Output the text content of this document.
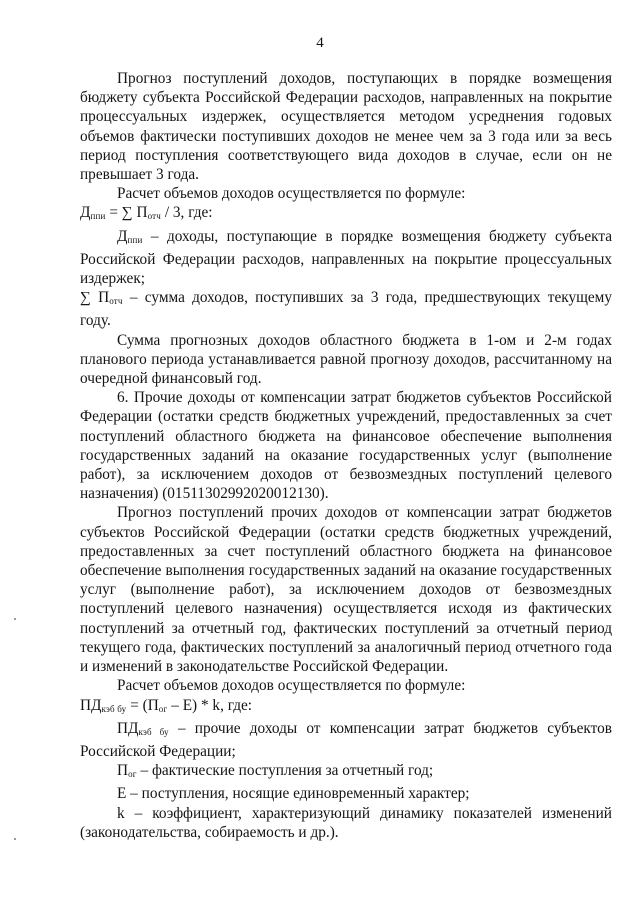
4

Прогноз поступлений доходов, поступающих в порядке возмещения бюджету субъекта Российской Федерации расходов, направленных на покрытие процессуальных издержек, осуществляется методом усреднения годовых объемов фактически поступивших доходов не менее чем за 3 года или за весь период поступления соответствующего вида доходов в случае, если он не превышает 3 года.

Расчет объемов доходов осуществляется по формуле:

$Д_{ппи}$ = ∑ $П_{отч} / 3$, где:

$Д_{ппи}$ – доходы, поступающие в порядке возмещения бюджету субъекта Российской Федерации расходов, направленных на покрытие процессуальных издержек;

∑ $П_{отч}$ – сумма доходов, поступивших за 3 года, предшествующих текущему году.

Сумма прогнозных доходов областного бюджета в 1-ом и 2-м годах планового периода устанавливается равной прогнозу доходов, рассчитанному на очередной финансовый год.

6. Прочие доходы от компенсации затрат бюджетов субъектов Российской Федерации (остатки средств бюджетных учреждений, предоставленных за счет поступлений областного бюджета на финансовое обеспечение выполнения государственных заданий на оказание государственных услуг (выполнение работ), за исключением доходов от безвозмездных поступлений целевого назначения) (01511302992020012130).

Прогноз поступлений прочих доходов от компенсации затрат бюджетов субъектов Российской Федерации (остатки средств бюджетных учреждений, предоставленных за счет поступлений областного бюджета на финансовое обеспечение выполнения государственных заданий на оказание государственных услуг (выполнение работ), за исключением доходов от безвозмездных поступлений целевого назначения) осуществляется исходя из фактических поступлений за отчетный год, фактических поступлений за отчетный период текущего года, фактических поступлений за аналогичный период отчетного года и изменений в законодательстве Российской Федерации.

Расчет объемов доходов осуществляется по формуле:

$ПД_{кэб бу} = (П_{ог} - Е) * k$, где:

$ПД_{кэб бу}$ – прочие доходы от компенсации затрат бюджетов субъектов Российской Федерации;

$П_{ог}$ – фактические поступления за отчетный год;

Е – поступления, носящие единовременный характер;

k – коэффициент, характеризующий динамику показателей изменений (законодательства, собираемость и др.).
